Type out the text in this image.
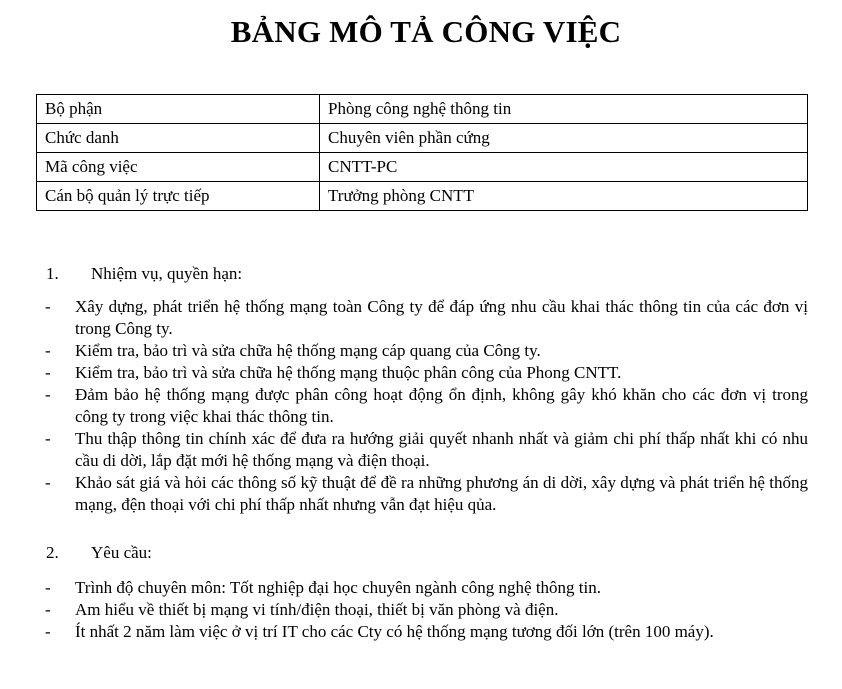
BẢNG MÔ TẢ CÔNG VIỆC
Bộ phận	Phòng công nghệ thông tin
Chức danh	Chuyên viên phần cứng
Mã công việc	CNTT-PC
Cán bộ quản lý trực tiếp	Trưởng phòng CNTT
1. Nhiệm vụ, quyền hạn:
- Xây dựng, phát triển hệ thống mạng toàn Công ty để đáp ứng nhu cầu khai thác thông tin của các đơn vị trong Công ty.
- Kiểm tra, bảo trì và sửa chữa hệ thống mạng cáp quang của Công ty.
- Kiểm tra, bảo trì và sửa chữa hệ thống mạng thuộc phân công của Phong CNTT.
- Đảm bảo hệ thống mạng được phân công hoạt động ổn định, không gây khó khăn cho các đơn vị trong công ty trong việc khai thác thông tin.
- Thu thập thông tin chính xác để đưa ra hướng giải quyết nhanh nhất và giảm chi phí thấp nhất khi có nhu cầu di dời, lắp đặt mới hệ thống mạng và điện thoại.
- Khảo sát giá và hỏi các thông số kỹ thuật để đề ra những phương án di dời, xây dựng và phát triển hệ thống mạng, đện thoại với chi phí thấp nhất nhưng vẫn đạt hiệu qủa.
2. Yêu cầu:
- Trình độ chuyên môn: Tốt nghiệp đại học chuyên ngành công nghệ thông tin.
- Am hiểu về thiết bị mạng vi tính/điện thoại, thiết bị văn phòng và điện.
- Ít nhất 2 năm làm việc ở vị trí IT cho các Cty có hệ thống mạng tương đối lớn (trên 100 máy).
